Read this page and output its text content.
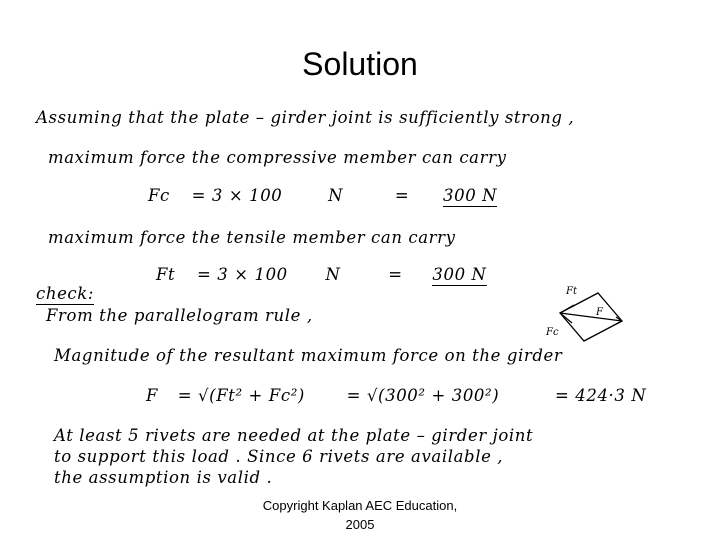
Solution

Assuming that the plate – girder joint is sufficiently strong ,

maximum force the compressive member can carry

Fc = 3 × 100	N	= 300 N

maximum force the tensile member can carry

Ft = 3 × 100 N	= 300 N

check:

From the parallelogram rule ,

Magnitude of the resultant maximum force on the girder

F = √(Ft² + Fc²)	= √(300² + 300²)	= 424·3 N

At least 5 rivets are needed at the plate – girder joint

to support this load . Since 6 rivets are available ,

the assumption is valid .

Ft
F
Fc
Copyright Kaplan AEC Education,
2005
